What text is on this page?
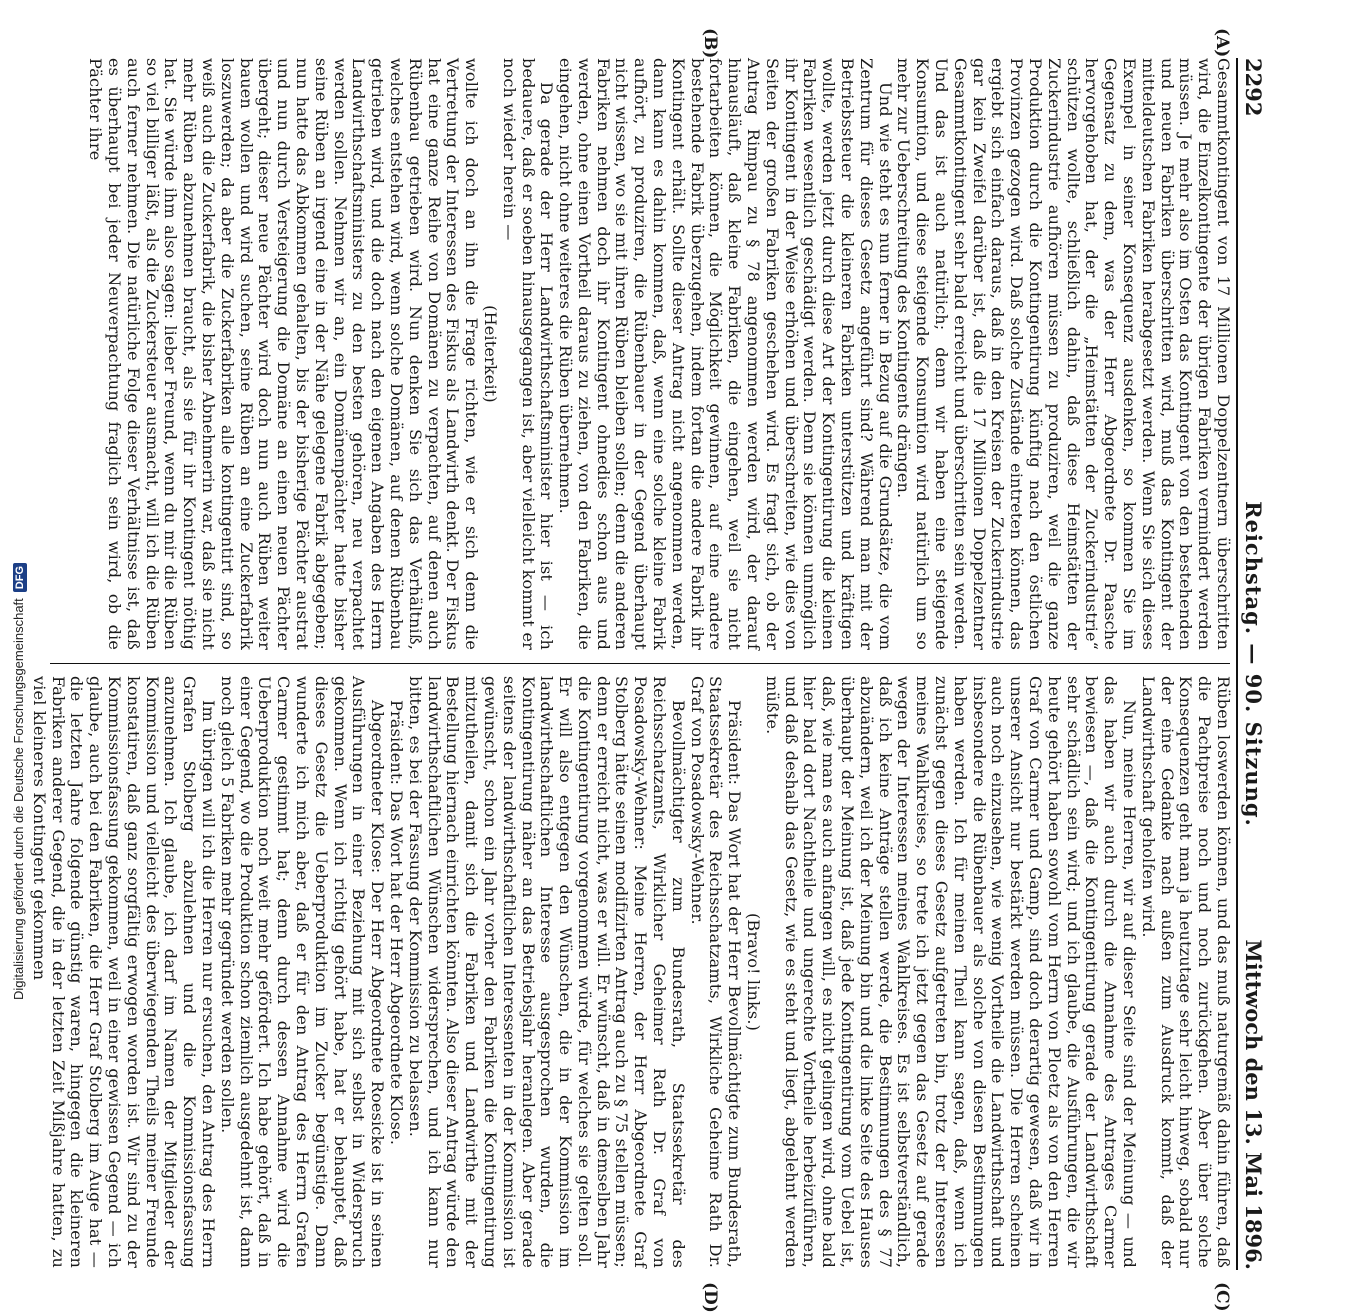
Digitalisierung gefördert durch die Deutsche ForschungsgemeinschaftDFG
2292
Reichstag. — 90. Sitzung.
Mittwoch den 13. Mai 1896.
(A)
(B)
(C)
(D)

Gesammtkontingent von 17 Millionen Doppelzentnern überschritten wird, die Einzelkontingente der übrigen Fabriken vermindert werden müssen. Je mehr also im Osten das Kontingent von den bestehenden und neuen Fabriken überschritten wird, muß das Kontingent der mitteldeutschen Fabriken herabgesetzt werden. Wenn Sie sich dieses Exempel in seiner Konsequenz ausdenken, so kommen Sie im Gegensatz zu dem, was der Herr Abgeordnete Dr. Paasche hervorgehoben hat, der die „Heimstätten der Zuckerindustrie“ schützen wollte, schließlich dahin, daß diese Heimstätten der Zuckerindustrie aufhören müssen zu produziren, weil die ganze Produktion durch die Kontingentirung künftig nach den östlichen Provinzen gezogen wird. Daß solche Zustände eintreten können, das ergiebt sich einfach daraus, daß in den Kreisen der Zuckerindustrie gar kein Zweifel darüber ist, daß die 17 Millionen Doppelzentner Gesammtkontingent sehr bald erreicht und überschritten sein werden. Und das ist auch natürlich; denn wir haben eine steigende Konsumtion, und diese steigende Konsumtion wird natürlich um so mehr zur Ueberschreitung des Kontingents drängen.

Und wie steht es nun ferner in Bezug auf die Grundsätze, die vom Zentrum für dieses Gesetz angeführt sind? Während man mit der Betriebssteuer die kleineren Fabriken unterstützen und kräftigen wollte, werden jetzt durch diese Art der Kontingentirung die kleinen Fabriken wesentlich geschädigt werden. Denn sie können unmöglich ihr Kontingent in der Weise erhöhen und überschreiten, wie dies von Seiten der großen Fabriken geschehen wird. Es fragt sich, ob der Antrag Rimpau zu § 78 angenommen werden wird, der darauf hinausläuft, daß kleine Fabriken, die eingehen, weil sie nicht fortarbeiten können, die Möglichkeit gewinnen, auf eine andere bestehende Fabrik überzugehen, indem fortan die andere Fabrik ihr Kontingent erhält. Sollte dieser Antrag nicht angenommen werden, dann kann es dahin kommen, daß, wenn eine solche kleine Fabrik aufhört, zu produziren, die Rübenbauer in der Gegend überhaupt nicht wissen, wo sie mit ihren Rüben bleiben sollen; denn die anderen Fabriken nehmen doch ihr Kontingent ohnedies schon aus und werden, ohne einen Vortheil daraus zu ziehen, von den Fabriken, die eingehen, nicht ohne weiteres die Rüben übernehmen.

Da gerade der Herr Landwirthschaftsminister hier ist — ich bedauere, daß er soeben hinausgegangen ist, aber vielleicht kommt er noch wieder herein —

(Heiterkeit)

wollte ich doch an ihn die Frage richten, wie er sich denn die Vertretung der Interessen des Fiskus als Landwirth denkt. Der Fiskus hat eine ganze Reihe von Domänen zu verpachten, auf denen auch Rübenbau getrieben wird. Nun denken Sie sich das Verhältniß, welches entstehen wird, wenn solche Domänen, auf denen Rübenbau getrieben wird, und die doch nach den eigenen Angaben des Herrn Landwirthschaftsministers zu den besten gehören, neu verpachtet werden sollen. Nehmen wir an, ein Domänenpächter hatte bisher seine Rüben an irgend eine in der Nähe gelegene Fabrik abgegeben; nun hatte das Abkommen gehalten, bis der bisherige Pächter austrat und nun durch Versteigerung die Domäne an einen neuen Pächter übergeht; dieser neue Pächter wird doch nun auch Rüben weiter bauen wollen und wird suchen, seine Rüben an eine Zuckerfabrik loszuwerden; da aber die Zuckerfabriken alle kontingentirt sind, so weiß auch die Zuckerfabrik, die bisher Abnehmerin war, daß sie nicht mehr Rüben abzunehmen braucht, als sie für ihr Kontingent nöthig hat. Sie würde ihm also sagen: lieber Freund, wenn du mir die Rüben so viel billiger läßt, als die Zuckersteuer ausmacht, will ich die Rüben auch ferner nehmen. Die natürliche Folge dieser Verhältnisse ist, daß es überhaupt bei jeder Neuverpachtung fraglich sein wird, ob die Pächter ihre

Rüben loswerden können, und das muß naturgemäß dahin führen, daß die Pachtpreise noch und noch zurückgehen. Aber über solche Konsequenzen geht man ja heutzutage sehr leicht hinweg, sobald nur der eine Gedanke nach außen zum Ausdruck kommt, daß der Landwirthschaft geholfen wird.

Nun, meine Herren, wir auf dieser Seite sind der Meinung — und das haben wir auch durch die Annahme des Antrages Carmer bewiesen —, daß die Kontingentirung gerade der Landwirthschaft sehr schädlich sein wird; und ich glaube, die Ausführungen, die wir heute gehört haben sowohl vom Herrn von Ploetz als von den Herren Graf von Carmer und Gamp, sind doch derartig gewesen, daß wir in unserer Ansicht nur bestärkt werden müssen. Die Herren scheinen auch noch einzusehen, wie wenig Vortheile die Landwirthschaft und insbesondere die Rübenbauer als solche von diesen Bestimmungen haben werden. Ich für meinen Theil kann sagen, daß, wenn ich zunächst gegen dieses Gesetz aufgetreten bin, trotz der Interessen meines Wahlkreises, so trete ich jetzt gegen das Gesetz auf gerade wegen der Interessen meines Wahlkreises. Es ist selbstverständlich, daß ich keine Anträge stellen werde, die Bestimmungen des § 77 abzuändern, weil ich der Meinung bin und die linke Seite des Hauses überhaupt der Meinung ist, daß jede Kontingentirung vom Uebel ist, daß, wie man es auch anfangen will, es nicht gelingen wird, ohne bald hier bald dort Nachtheile und ungerechte Vortheile herbeizuführen, und daß deshalb das Gesetz, wie es steht und liegt, abgelehnt werden müßte.

(Bravo! links.)

Präsident: Das Wort hat der Herr Bevollmächtigte zum Bundesrath, Staatssekretär des Reichsschatzamts, Wirkliche Geheime Rath Dr. Graf von Posadowsky-Wehner.

Bevollmächtigter zum Bundesrath, Staatssekretär des Reichsschatzamts, Wirklicher Geheimer Rath Dr. Graf von Posadowsky-Wehner: Meine Herren, der Herr Abgeordnete Graf Stolberg hätte seinen modifizirten Antrag auch zu § 75 stellen müssen; denn er erreicht nicht, was er will. Er wünscht, daß in demselben Jahr die Kontingentirung vorgenommen würde, für welches sie gelten soll. Er will also entgegen den Wünschen, die in der Kommission im landwirthschaftlichen Interesse ausgesprochen wurden, die Kontingentirung näher an das Betriebsjahr heranlegen. Aber gerade seitens der landwirthschaftlichen Interessenten in der Kommission ist gewünscht, schon ein Jahr vorher den Fabriken die Kontingentirung mitzutheilen, damit sich die Fabriken und Landwirthe mit der Bestellung hiernach einrichten könnten. Also dieser Antrag würde den landwirthschaftlichen Wünschen widersprechen, und ich kann nur bitten, es bei der Fassung der Kommission zu belassen.

Präsident: Das Wort hat der Herr Abgeordnete Klose.

Abgeordneter Klose: Der Herr Abgeordnete Roesicke ist in seinen Ausführungen in einer Beziehung mit sich selbst in Widerspruch gekommen. Wenn ich richtig gehört habe, hat er behauptet, daß dieses Gesetz die Ueberproduktion im Zucker begünstige. Dann wunderte ich mich aber, daß er für den Antrag des Herrn Grafen Carmer gestimmt hat; denn durch dessen Annahme wird die Ueberproduktion noch weit mehr gefördert. Ich habe gehört, daß in einer Gegend, wo die Produktion schon ziemlich ausgedehnt ist, dann noch gleich 5 Fabriken mehr gegründet werden sollen.

Im übrigen will ich die Herren nur ersuchen, den Antrag des Herrn Grafen Stolberg abzulehnen und die Kommissionsfassung anzunehmen. Ich glaube, ich darf im Namen der Mitglieder der Kommission und vielleicht des überwiegenden Theils meiner Freunde konstatiren, daß ganz sorgfältig erwogen worden ist. Wir sind zu der Kommissionsfassung gekommen, weil in einer gewissen Gegend — ich glaube, auch bei den Fabriken, die Herr Graf Stolberg im Auge hat — die letzten Jahre folgende günstig waren, hingegen die kleineren Fabriken anderer Gegend, die in der letzten Zeit Mißjahre hatten, zu viel kleineres Kontingent gekommen
